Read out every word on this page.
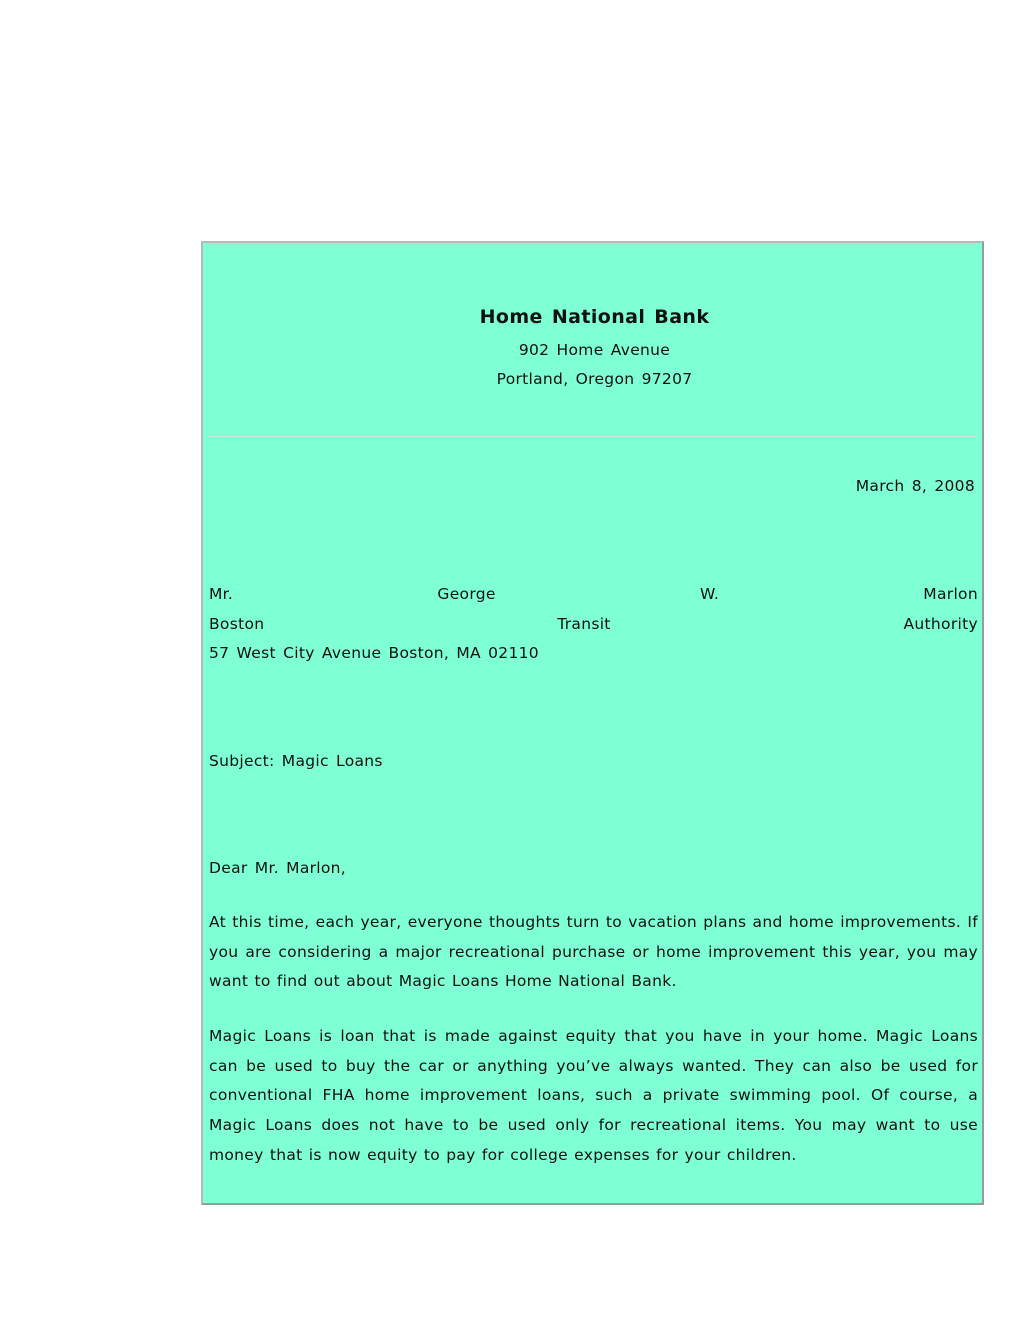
Home National Bank
902 Home Avenue
Portland, Oregon 97207
March 8, 2008
Mr.	George	W.	Marlon
Boston	Transit	Authority
57 West City Avenue Boston, MA 02110
Subject: Magic Loans
Dear Mr. Marlon,

At this time, each year, everyone thoughts turn to vacation plans and home improvements. If you are considering a major recreational purchase or home improvement this year, you may want to find out about Magic Loans Home National Bank.

Magic Loans is loan that is made against equity that you have in your home. Magic Loans can be used to buy the car or anything you’ve always wanted. They can also be used for conventional FHA home improvement loans, such a private swimming pool. Of course, a Magic Loans does not have to be used only for recreational items. You may want to use money that is now equity to pay for college expenses for your children.
